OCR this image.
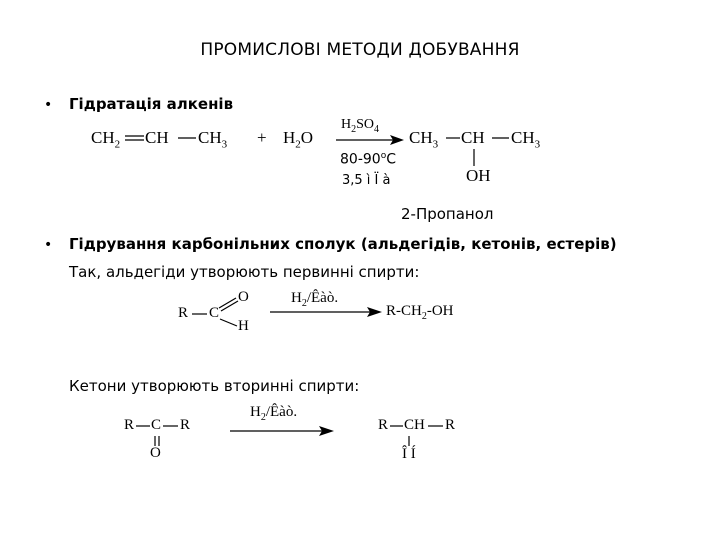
ПРОМИСЛОВІ МЕТОДИ ДОБУВАННЯ
• Гідратація алкенів
$CH_2$ CH $CH_3 + H_2O$
$H_2SO_4$
$80-90^оС$
3,5 ì Ï à
$CH_3$ CH $CH_3$
OH
2-Пропанол
• Гідрування карбонільних сполук (альдегідів, кетонів, естерів)
Так, альдегіди утворюють первинні спирти:
R C
O
H
$H_2$/Êàò.
$R-CH_2-OH$
Кетони утворюють вторинні спирти:
R C R
O
$H_2$/Êàò.
R CH R
Î Í
